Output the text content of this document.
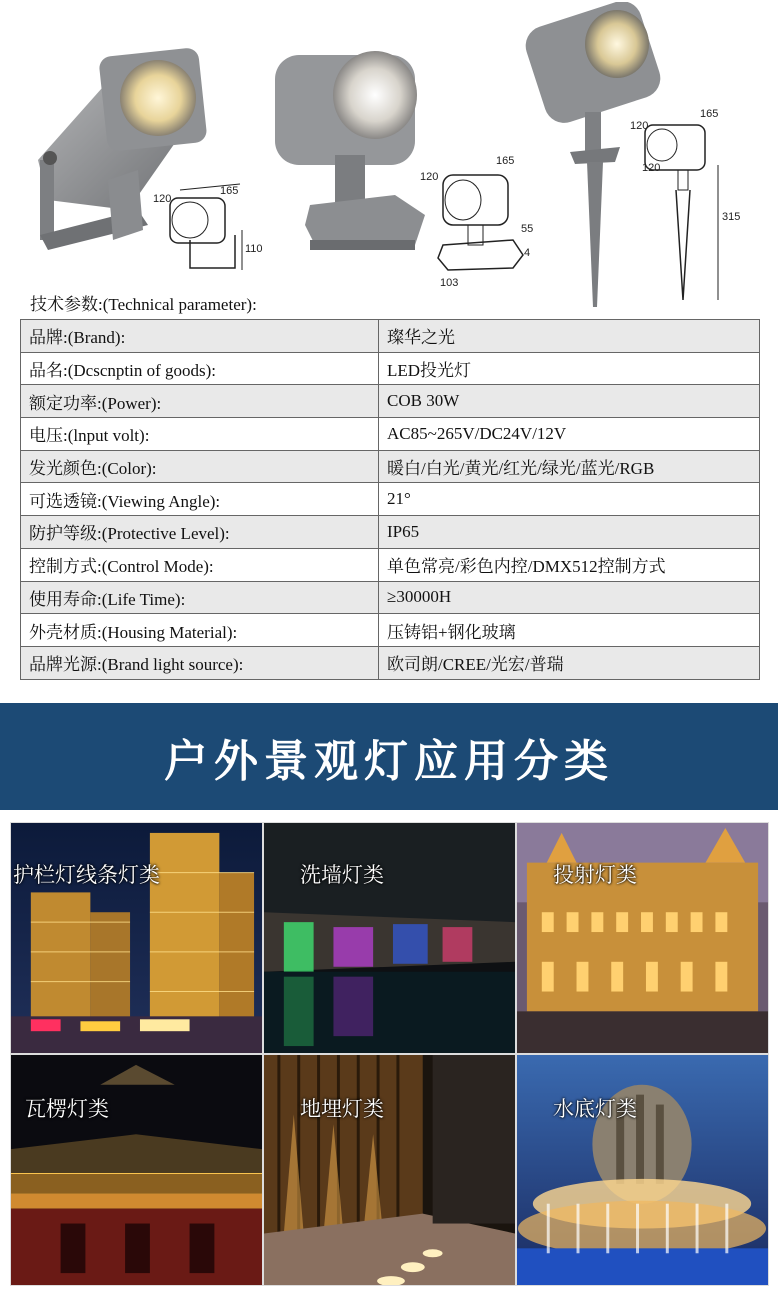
165
120
110
165
120
55
4
103
165
120
120
315
技术参数:(Technical parameter):
品牌:(Brand):	璨华之光
品名:(Dcscnptin of goods):	LED投光灯
额定功率:(Power):	COB 30W
电压:(lnput volt):	AC85~265V/DC24V/12V
发光颜色:(Color):	暖白/白光/黄光/红光/绿光/蓝光/RGB
可选透镜:(Viewing Angle):	21°
防护等级:(Protective Level):	IP65
控制方式:(Control Mode):	单色常亮/彩色内控/DMX512控制方式
使用寿命:(Life Time):	≥30000H
外壳材质:(Housing Material):	压铸铝+钢化玻璃
品牌光源:(Brand light source):	欧司朗/CREE/光宏/普瑞
户外景观灯应用分类
护栏灯线条灯类	洗墙灯类	投射灯类
瓦楞灯类	地埋灯类	水底灯类
